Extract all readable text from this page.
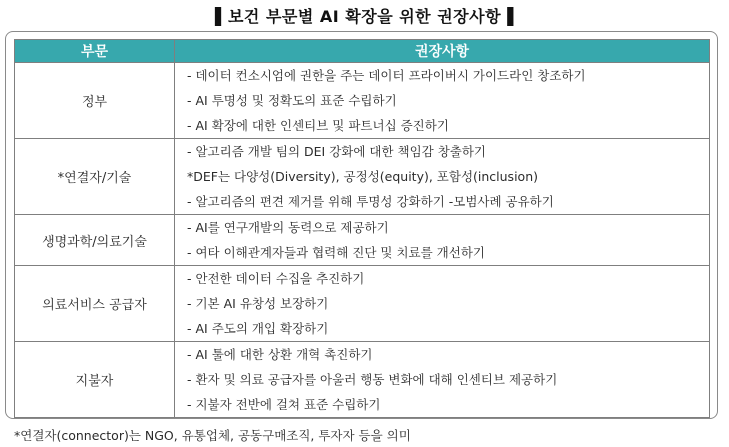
▌보건 부문별 AI 확장을 위한 권장사항▐
부문	권장사항
정부	- 데이터 컨소시엄에 권한을 주는 데이터 프라이버시 가이드라인 창조하기
- AI 투명성 및 정확도의 표준 수립하기
- AI 확장에 대한 인센티브 및 파트너십 증진하기

*연결자/기술	- 알고리즘 개발 팀의 DEI 강화에 대한 책임감 창출하기
*DEF는 다양성(Diversity), 공정성(equity), 포함성(inclusion)
- 알고리즘의 편견 제거를 위해 투명성 강화하기 -모범사례 공유하기

생명과학/의료기술	- AI를 연구개발의 동력으로 제공하기
- 여타 이해관계자들과 협력해 진단 및 치료를 개선하기

의료서비스 공급자	- 안전한 데이터 수집을 추진하기
- 기본 AI 유창성 보장하기
- AI 주도의 개입 확장하기

지불자	- AI 툴에 대한 상환 개혁 촉진하기
- 환자 및 의료 공급자를 아울러 행동 변화에 대해 인센티브 제공하기
- 지불자 전반에 걸쳐 표준 수립하기
*연결자(connector)는 NGO, 유통업체, 공동구매조직, 투자자 등을 의미
